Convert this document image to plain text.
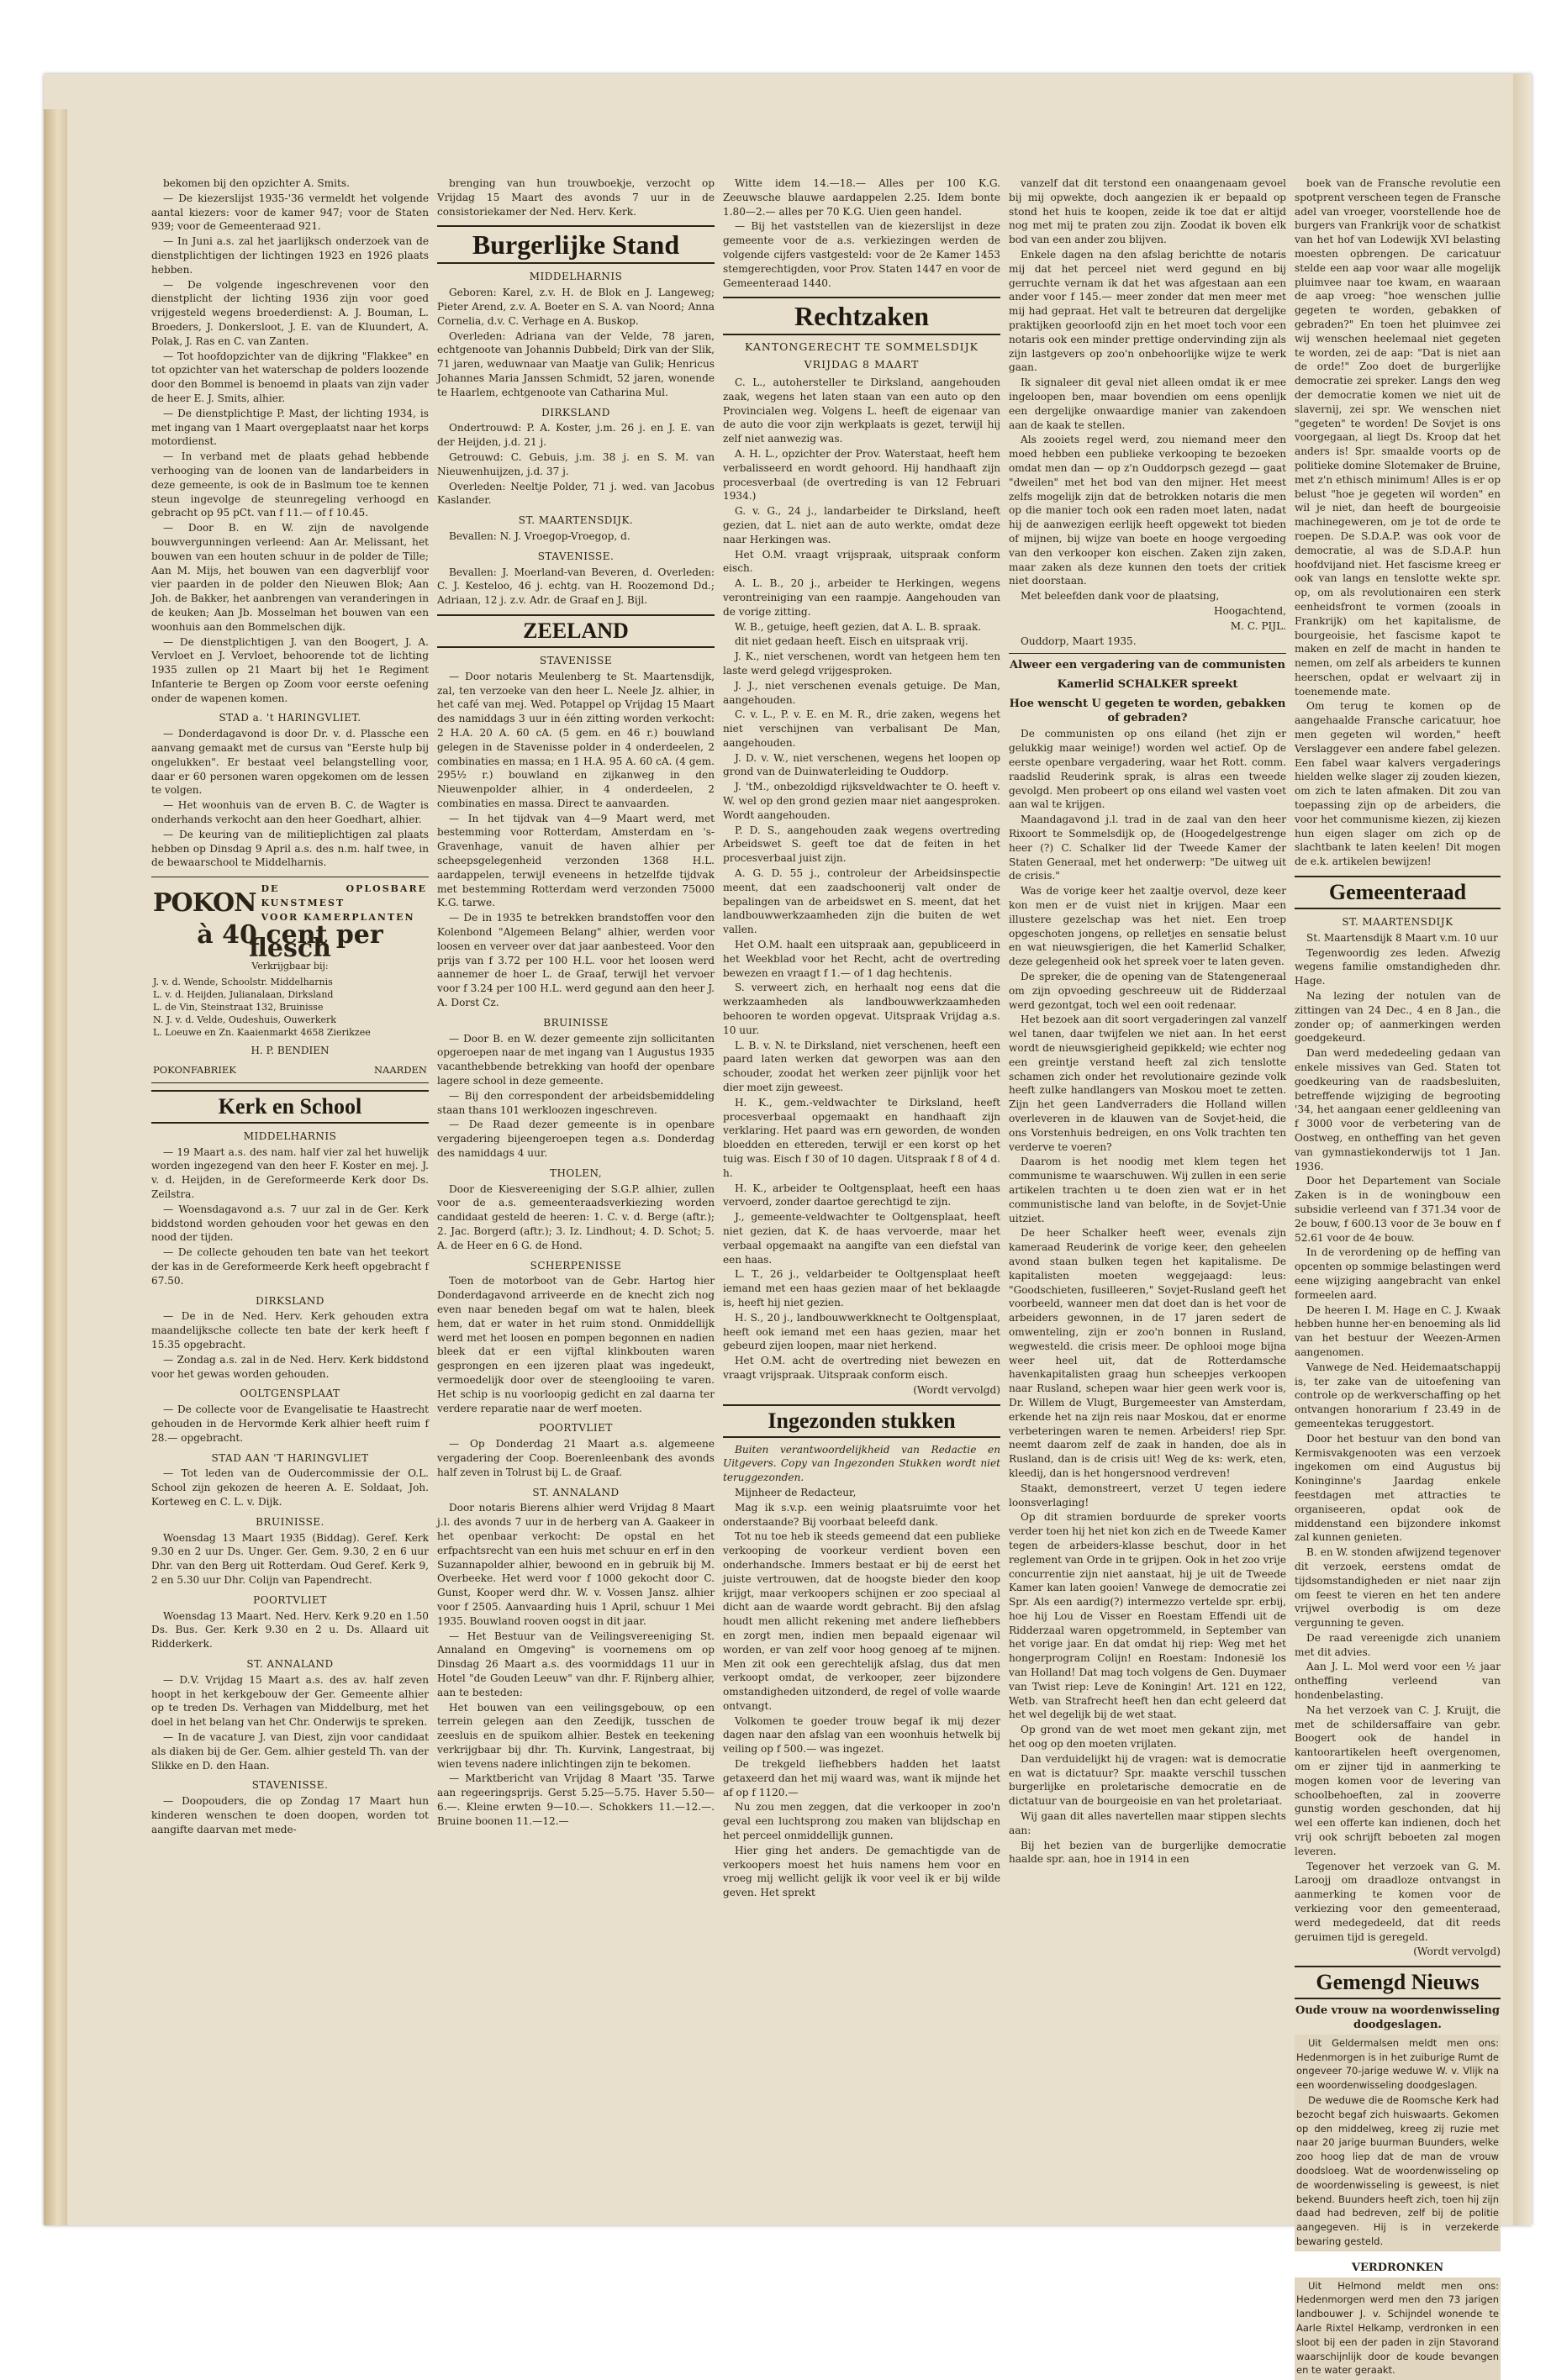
bekomen bij den opzichter A. Smits.

— De kiezerslijst 1935-'36 vermeldt het volgende aantal kiezers: voor de kamer 947; voor de Staten 939; voor de Gemeenteraad 921.

— In Juni a.s. zal het jaarlijksch onderzoek van de dienstplichtigen der lichtingen 1923 en 1926 plaats hebben.

— De volgende ingeschrevenen voor den dienstplicht der lichting 1936 zijn voor goed vrijgesteld wegens broederdienst: A. J. Bouman, L. Broeders, J. Donkersloot, J. E. van de Kluundert, A. Polak, J. Ras en C. van Zanten.

— Tot hoofdopzichter van de dijkring "Flakkee" en tot opzichter van het waterschap de polders loozende door den Bommel is benoemd in plaats van zijn vader de heer E. J. Smits, alhier.

— De dienstplichtige P. Mast, der lichting 1934, is met ingang van 1 Maart overgeplaatst naar het korps motordienst.

— In verband met de plaats gehad hebbende verhooging van de loonen van de landarbeiders in deze gemeente, is ook de in Baslmum toe te kennen steun ingevolge de steunregeling verhoogd en gebracht op 95 pCt. van f 11.— of f 10.45.

— Door B. en W. zijn de navolgende bouwvergunningen verleend: Aan Ar. Melissant, het bouwen van een houten schuur in de polder de Tille; Aan M. Mijs, het bouwen van een dagverblijf voor vier paarden in de polder den Nieuwen Blok; Aan Joh. de Bakker, het aanbrengen van veranderingen in de keuken; Aan Jb. Mosselman het bouwen van een woonhuis aan den Bommelschen dijk.

— De dienstplichtigen J. van den Boogert, J. A. Vervloet en J. Vervloet, behoorende tot de lichting 1935 zullen op 21 Maart bij het 1e Regiment Infanterie te Bergen op Zoom voor eerste oefening onder de wapenen komen.

STAD a. 't HARINGVLIET.

— Donderdagavond is door Dr. v. d. Plassche een aanvang gemaakt met de cursus van "Eerste hulp bij ongelukken". Er bestaat veel belangstelling voor, daar er 60 personen waren opgekomen om de lessen te volgen.

— Het woonhuis van de erven B. C. de Wagter is onderhands verkocht aan den heer Goedhart, alhier.

— De keuring van de militieplichtigen zal plaats hebben op Dinsdag 9 April a.s. des n.m. half twee, in de bewaarschool te Middelharnis.

POKON DE OPLOSBARE KUNSTMEST
VOOR KAMERPLANTEN
à 40 cent per flesch
Verkrijgbaar bij:
J. v. d. Wende, Schoolstr. Middelharnis
L. v. d. Heijden, Julianalaan, Dirksland
L. de Vin, Steinstraat 132, Bruinisse
N. J. v. d. Velde, Oudeshuis, Ouwerkerk
L. Loeuwe en Zn. Kaaienmarkt 4658 Zierikzee
H. P. BENDIEN
POKONFABRIEK	NAARDEN
Kerk en School

MIDDELHARNIS

— 19 Maart a.s. des nam. half vier zal het huwelijk worden ingezegend van den heer F. Koster en mej. J. v. d. Heijden, in de Gereformeerde Kerk door Ds. Zeilstra.

— Woensdagavond a.s. 7 uur zal in de Ger. Kerk biddstond worden gehouden voor het gewas en den nood der tijden.

— De collecte gehouden ten bate van het teekort der kas in de Gereformeerde Kerk heeft opgebracht f 67.50.

DIRKSLAND

— De in de Ned. Herv. Kerk gehouden extra maandelijksche collecte ten bate der kerk heeft f 15.35 opgebracht.

— Zondag a.s. zal in de Ned. Herv. Kerk biddstond voor het gewas worden gehouden.

OOLTGENSPLAAT

— De collecte voor de Evangelisatie te Haastrecht gehouden in de Hervormde Kerk alhier heeft ruim f 28.— opgebracht.

STAD AAN 'T HARINGVLIET

— Tot leden van de Oudercommissie der O.L. School zijn gekozen de heeren A. E. Soldaat, Joh. Korteweg en C. L. v. Dijk.

BRUINISSE.

Woensdag 13 Maart 1935 (Biddag). Geref. Kerk 9.30 en 2 uur Ds. Unger. Ger. Gem. 9.30, 2 en 6 uur Dhr. van den Berg uit Rotterdam. Oud Geref. Kerk 9, 2 en 5.30 uur Dhr. Colijn van Papendrecht.

POORTVLIET

Woensdag 13 Maart. Ned. Herv. Kerk 9.20 en 1.50 Ds. Bus. Ger. Kerk 9.30 en 2 u. Ds. Allaard uit Ridderkerk.

ST. ANNALAND

— D.V. Vrijdag 15 Maart a.s. des av. half zeven hoopt in het kerkgebouw der Ger. Gemeente alhier op te treden Ds. Verhagen van Middelburg, met het doel in het belang van het Chr. Onderwijs te spreken.

— In de vacature J. van Diest, zijn voor candidaat als diaken bij de Ger. Gem. alhier gesteld Th. van der Slikke en D. den Haan.

STAVENISSE.

— Doopouders, die op Zondag 17 Maart hun kinderen wenschen te doen doopen, worden tot aangifte daarvan met mede-

brenging van hun trouwboekje, verzocht op Vrijdag 15 Maart des avonds 7 uur in de consistoriekamer der Ned. Herv. Kerk.

Burgerlijke Stand

MIDDELHARNIS

Geboren: Karel, z.v. H. de Blok en J. Langeweg; Pieter Arend, z.v. A. Boeter en S. A. van Noord; Anna Cornelia, d.v. C. Verhage en A. Buskop.

Overleden: Adriana van der Velde, 78 jaren, echtgenoote van Johannis Dubbeld; Dirk van der Slik, 71 jaren, weduwnaar van Maatje van Gulik; Henricus Johannes Maria Janssen Schmidt, 52 jaren, wonende te Haarlem, echtgenoote van Catharina Mul.

DIRKSLAND

Ondertrouwd: P. A. Koster, j.m. 26 j. en J. E. van der Heijden, j.d. 21 j.

Getrouwd: C. Gebuis, j.m. 38 j. en S. M. van Nieuwenhuijzen, j.d. 37 j.

Overleden: Neeltje Polder, 71 j. wed. van Jacobus Kaslander.

ST. MAARTENSDIJK.

Bevallen: N. J. Vroegop-Vroegop, d.

STAVENISSE.

Bevallen: J. Moerland-van Beveren, d. Overleden: C. J. Kesteloo, 46 j. echtg. van H. Roozemond Dd.; Adriaan, 12 j. z.v. Adr. de Graaf en J. Bijl.

ZEELAND

STAVENISSE

— Door notaris Meulenberg te St. Maartensdijk, zal, ten verzoeke van den heer L. Neele Jz. alhier, in het café van mej. Wed. Potappel op Vrijdag 15 Maart des namiddags 3 uur in één zitting worden verkocht: 2 H.A. 20 A. 60 cA. (5 gem. en 46 r.) bouwland gelegen in de Stavenisse polder in 4 onderdeelen, 2 combinaties en massa; en 1 H.A. 95 A. 60 cA. (4 gem. 295½ r.) bouwland en zijkanweg in den Nieuwenpolder alhier, in 4 onderdeelen, 2 combinaties en massa. Direct te aanvaarden.

— In het tijdvak van 4—9 Maart werd, met bestemming voor Rotterdam, Amsterdam en 's-Gravenhage, vanuit de haven alhier per scheepsgelegenheid verzonden 1368 H.L. aardappelen, terwijl eveneens in hetzelfde tijdvak met bestemming Rotterdam werd verzonden 75000 K.G. tarwe.

— De in 1935 te betrekken brandstoffen voor den Kolenbond "Algemeen Belang" alhier, werden voor loosen en verveer over dat jaar aanbesteed. Voor den prijs van f 3.72 per 100 H.L. voor het loosen werd aannemer de hoer L. de Graaf, terwijl het vervoer voor f 3.24 per 100 H.L. werd gegund aan den heer J. A. Dorst Cz.

BRUINISSE

— Door B. en W. dezer gemeente zijn sollicitanten opgeroepen naar de met ingang van 1 Augustus 1935 vacanthebbende betrekking van hoofd der openbare lagere school in deze gemeente.

— Bij den correspondent der arbeidsbemiddeling staan thans 101 werkloozen ingeschreven.

— De Raad dezer gemeente is in openbare vergadering bijeengeroepen tegen a.s. Donderdag des namiddags 4 uur.

THOLEN,

Door de Kiesvereeniging der S.G.P. alhier, zullen voor de a.s. gemeenteraadsverkiezing worden candidaat gesteld de heeren: 1. C. v. d. Berge (aftr.); 2. Jac. Borgerd (aftr.); 3. Iz. Lindhout; 4. D. Schot; 5. A. de Heer en 6 G. de Hond.

SCHERPENISSE

Toen de motorboot van de Gebr. Hartog hier Donderdagavond arriveerde en de knecht zich nog even naar beneden begaf om wat te halen, bleek hem, dat er water in het ruim stond. Onmiddellijk werd met het loosen en pompen begonnen en nadien bleek dat er een vijftal klinkbouten waren gesprongen en een ijzeren plaat was ingedeukt, vermoedelijk door over de steenglooiing te varen. Het schip is nu voorloopig gedicht en zal daarna ter verdere reparatie naar de werf moeten.

POORTVLIET

— Op Donderdag 21 Maart a.s. algemeene vergadering der Coop. Boerenleenbank des avonds half zeven in Tolrust bij L. de Graaf.

ST. ANNALAND

Door notaris Bierens alhier werd Vrijdag 8 Maart j.l. des avonds 7 uur in de herberg van A. Gaakeer in het openbaar verkocht: De opstal en het erfpachtsrecht van een huis met schuur en erf in den Suzannapolder alhier, bewoond en in gebruik bij M. Overbeeke. Het werd voor f 1000 gekocht door C. Gunst, Kooper werd dhr. W. v. Vossen Jansz. alhier voor f 2505. Aanvaarding huis 1 April, schuur 1 Mei 1935. Bouwland rooven oogst in dit jaar.

— Het Bestuur van de Veilingsvereeniging St. Annaland en Omgeving" is voornemens om op Dinsdag 26 Maart a.s. des voormiddags 11 uur in Hotel "de Gouden Leeuw" van dhr. F. Rijnberg alhier, aan te besteden:

Het bouwen van een veilingsgebouw, op een terrein gelegen aan den Zeedijk, tusschen de zeesluis en de spuikom alhier. Bestek en teekening verkrijgbaar bij dhr. Th. Kurvink, Langestraat, bij wien tevens nadere inlichtingen zijn te bekomen.

— Marktbericht van Vrijdag 8 Maart '35. Tarwe aan regeeringsprijs. Gerst 5.25—5.75. Haver 5.50—6.—. Kleine erwten 9—10.—. Schokkers 11.—12.—. Bruine boonen 11.—12.—

Witte idem 14.—18.— Alles per 100 K.G. Zeeuwsche blauwe aardappelen 2.25. Idem bonte 1.80—2.— alles per 70 K.G. Uien geen handel.

— Bij het vaststellen van de kiezerslijst in deze gemeente voor de a.s. verkiezingen werden de volgende cijfers vastgesteld: voor de 2e Kamer 1453 stemgerechtigden, voor Prov. Staten 1447 en voor de Gemeenteraad 1440.

Rechtzaken
KANTONGERECHT TE SOMMELSDIJK
VRIJDAG 8 MAART

C. L., autohersteller te Dirksland, aangehouden zaak, wegens het laten staan van een auto op den Provincialen weg. Volgens L. heeft de eigenaar van de auto die voor zijn werkplaats is gezet, terwijl hij zelf niet aanwezig was.

A. H. L., opzichter der Prov. Waterstaat, heeft hem verbalisseerd en wordt gehoord. Hij handhaaft zijn procesverbaal (de overtreding is van 12 Februari 1934.)

G. v. G., 24 j., landarbeider te Dirksland, heeft gezien, dat L. niet aan de auto werkte, omdat deze naar Herkingen was.

Het O.M. vraagt vrijspraak, uitspraak conform eisch.

A. L. B., 20 j., arbeider te Herkingen, wegens verontreiniging van een raampje. Aangehouden van de vorige zitting.

W. B., getuige, heeft gezien, dat A. L. B. spraak.

dit niet gedaan heeft. Eisch en uitspraak vrij.

J. K., niet verschenen, wordt van hetgeen hem ten laste werd gelegd vrijgesproken.

J. J., niet verschenen evenals getuige. De Man, aangehouden.

C. v. L., P. v. E. en M. R., drie zaken, wegens het niet verschijnen van verbalisant De Man, aangehouden.

J. D. v. W., niet verschenen, wegens het loopen op grond van de Duinwaterleiding te Ouddorp.

J. 'tM., onbezoldigd rijksveldwachter te O. heeft v. W. wel op den grond gezien maar niet aangesproken. Wordt aangehouden.

P. D. S., aangehouden zaak wegens overtreding Arbeidswet S. geeft toe dat de feiten in het procesverbaal juist zijn.

A. G. D. 55 j., controleur der Arbeidsinspectie meent, dat een zaadschoonerij valt onder de bepalingen van de arbeidswet en S. meent, dat het landbouwwerkzaamheden zijn die buiten de wet vallen.

Het O.M. haalt een uitspraak aan, gepubliceerd in het Weekblad voor het Recht, acht de overtreding bewezen en vraagt f 1.— of 1 dag hechtenis.

S. verweert zich, en herhaalt nog eens dat die werkzaamheden als landbouwwerkzaamheden behooren te worden opgevat. Uitspraak Vrijdag a.s. 10 uur.

L. B. v. N. te Dirksland, niet verschenen, heeft een paard laten werken dat geworpen was aan den schouder, zoodat het werken zeer pijnlijk voor het dier moet zijn geweest.

H. K., gem.-veldwachter te Dirksland, heeft procesverbaal opgemaakt en handhaaft zijn verklaring. Het paard was ern geworden, de wonden bloedden en ettereden, terwijl er een korst op het tuig was. Eisch f 30 of 10 dagen. Uitspraak f 8 of 4 d. h.

H. K., arbeider te Ooltgensplaat, heeft een haas vervoerd, zonder daartoe gerechtigd te zijn.

J., gemeente-veldwachter te Ooltgensplaat, heeft niet gezien, dat K. de haas vervoerde, maar het verbaal opgemaakt na aangifte van een diefstal van een haas.

L. T., 26 j., veldarbeider te Ooltgensplaat heeft iemand met een haas gezien maar of het beklaagde is, heeft hij niet gezien.

H. S., 20 j., landbouwwerkknecht te Ooltgensplaat, heeft ook iemand met een haas gezien, maar het gebeurd zijen loopen, maar niet herkend.

Het O.M. acht de overtreding niet bewezen en vraagt vrijspraak. Uitspraak conform eisch.

(Wordt vervolgd)

Ingezonden stukken

Buiten verantwoordelijkheid van Redactie en Uitgevers. Copy van Ingezonden Stukken wordt niet teruggezonden.

Mijnheer de Redacteur,

Mag ik s.v.p. een weinig plaatsruimte voor het onderstaande? Bij voorbaat beleefd dank.

Tot nu toe heb ik steeds gemeend dat een publieke verkooping de voorkeur verdient boven een onderhandsche. Immers bestaat er bij de eerst het juiste vertrouwen, dat de hoogste bieder den koop krijgt, maar verkoopers schijnen er zoo speciaal al dicht aan de waarde wordt gebracht. Bij den afslag houdt men allicht rekening met andere liefhebbers en zorgt men, indien men bepaald eigenaar wil worden, er van zelf voor hoog genoeg af te mijnen. Men zit ook een gerechtelijk afslag, dus dat men verkoopt omdat, de verkooper, zeer bijzondere omstandigheden uitzonderd, de regel of volle waarde ontvangt.

Volkomen te goeder trouw begaf ik mij dezer dagen naar den afslag van een woonhuis hetwelk bij veiling op f 500.— was ingezet.

De trekgeld liefhebbers hadden het laatst getaxeerd dan het mij waard was, want ik mijnde het af op f 1120.—

Nu zou men zeggen, dat die verkooper in zoo'n geval een luchtsprong zou maken van blijdschap en het perceel onmiddellijk gunnen.

Hier ging het anders. De gemachtigde van de verkoopers moest het huis namens hem voor en vroeg mij wellicht gelijk ik voor veel ik er bij wilde geven. Het sprekt

vanzelf dat dit terstond een onaangenaam gevoel bij mij opwekte, doch aangezien ik er bepaald op stond het huis te koopen, zeide ik toe dat er altijd nog met mij te praten zou zijn. Zoodat ik boven elk bod van een ander zou blijven.

Enkele dagen na den afslag berichtte de notaris mij dat het perceel niet werd gegund en bij gerruchte vernam ik dat het was afgestaan aan een ander voor f 145.— meer zonder dat men meer met mij had gepraat. Het valt te betreuren dat dergelijke praktijken geoorloofd zijn en het moet toch voor een notaris ook een minder prettige ondervinding zijn als zijn lastgevers op zoo'n onbehoorlijke wijze te werk gaan.

Ik signaleer dit geval niet alleen omdat ik er mee ingeloopen ben, maar bovendien om eens openlijk een dergelijke onwaardige manier van zakendoen aan de kaak te stellen.

Als zooiets regel werd, zou niemand meer den moed hebben een publieke verkooping te bezoeken omdat men dan — op z'n Ouddorpsch gezegd — gaat "dweilen" met het bod van den mijner. Het meest zelfs mogelijk zijn dat de betrokken notaris die men op die manier toch ook een raden moet laten, nadat hij de aanwezigen eerlijk heeft opgewekt tot bieden of mijnen, bij wijze van boete en hooge vergoeding van den verkooper kon eischen. Zaken zijn zaken, maar zaken als deze kunnen den toets der critiek niet doorstaan.

Met beleefden dank voor de plaatsing,

Hoogachtend,

M. C. PIJL.

Ouddorp, Maart 1935.

Alweer een vergadering van de communisten
Kamerlid SCHALKER spreekt
Hoe wenscht U gegeten te worden, gebakken of gebraden?

De communisten op ons eiland (het zijn er gelukkig maar weinige!) worden wel actief. Op de eerste openbare vergadering, waar het Rott. comm. raadslid Reuderink sprak, is alras een tweede gevolgd. Men probeert op ons eiland wel vasten voet aan wal te krijgen.

Maandagavond j.l. trad in de zaal van den heer Rixoort te Sommelsdijk op, de (Hoogedelgestrenge heer (?) C. Schalker lid der Tweede Kamer der Staten Generaal, met het onderwerp: "De uitweg uit de crisis."

Was de vorige keer het zaaltje overvol, deze keer kon men er de vuist niet in krijgen. Maar een illustere gezelschap was het niet. Een troep opgeschoten jongens, op relletjes en sensatie belust en wat nieuwsgierigen, die het Kamerlid Schalker, deze gelegenheid ook het spreek voer te laten geven.

De spreker, die de opening van de Statengeneraal om zijn opvoeding geschreeuw uit de Ridderzaal werd gezontgat, toch wel een ooit redenaar.

Het bezoek aan dit soort vergaderingen zal vanzelf wel tanen, daar twijfelen we niet aan. In het eerst wordt de nieuwsgierigheid gepikkeld; wie echter nog een greintje verstand heeft zal zich tenslotte schamen zich onder het revolutionaire gezinde volk heeft zulke handlangers van Moskou moet te zetten. Zijn het geen Landverraders die Holland willen overleveren in de klauwen van de Sovjet-heid, die ons Vorstenhuis bedreigen, en ons Volk trachten ten verderve te voeren?

Daarom is het noodig met klem tegen het communisme te waarschuwen. Wij zullen in een serie artikelen trachten u te doen zien wat er in het communistische land van belofte, in de Sovjet-Unie uitziet.

De heer Schalker heeft weer, evenals zijn kameraad Reuderink de vorige keer, den geheelen avond staan bulken tegen het kapitalisme. De kapitalisten moeten weggejaagd: leus: "Goodschieten, fusilleeren," Sovjet-Rusland geeft het voorbeeld, wanneer men dat doet dan is het voor de arbeiders gewonnen, in de 17 jaren sedert de omwenteling, zijn er zoo'n bonnen in Rusland, wegwesteld. die crisis meer. De ophlooi moge bijna weer heel uit, dat de Rotterdamsche havenkapitalisten graag hun scheepjes verkoopen naar Rusland, schepen waar hier geen werk voor is, Dr. Willem de Vlugt, Burgemeester van Amsterdam, erkende het na zijn reis naar Moskou, dat er enorme verbeteringen waren te nemen. Arbeiders! riep Spr. neemt daarom zelf de zaak in handen, doe als in Rusland, dan is de crisis uit! Weg de ks: werk, eten, kleedij, dan is het hongersnood verdreven!

Staakt, demonstreert, verzet U tegen iedere loonsverlaging!

Op dit stramien borduurde de spreker voorts verder toen hij het niet kon zich en de Tweede Kamer tegen de arbeiders-klasse beschut, door in het reglement van Orde in te grijpen. Ook in het zoo vrije concurrentie zijn niet aanstaat, hij je uit de Tweede Kamer kan laten gooien! Vanwege de democratie zei Spr. Als een aardig(?) intermezzo vertelde spr. erbij, hoe hij Lou de Visser en Roestam Effendi uit de Ridderzaal waren opgetrommeld, in September van het vorige jaar. En dat omdat hij riep: Weg met het hongerprogram Colijn! en Roestam: Indonesië los van Holland! Dat mag toch volgens de Gen. Duymaer van Twist riep: Leve de Koningin! Art. 121 en 122, Wetb. van Strafrecht heeft hen dan echt geleerd dat het wel degelijk bij de wet staat.

Op grond van de wet moet men gekant zijn, met het oog op den moeten vrijlaten.

Dan verduidelijkt hij de vragen: wat is democratie en wat is dictatuur? Spr. maakte verschil tusschen burgerlijke en proletarische democratie en de dictatuur van de bourgeoisie en van het proletariaat.

Wij gaan dit alles navertellen maar stippen slechts aan:

Bij het bezien van de burgerlijke democratie haalde spr. aan, hoe in 1914 in een

boek van de Fransche revolutie een spotprent verscheen tegen de Fransche adel van vroeger, voorstellende hoe de burgers van Frankrijk voor de schatkist van het hof van Lodewijk XVI belasting moesten opbrengen. De caricatuur stelde een aap voor waar alle mogelijk pluimvee naar toe kwam, en waaraan de aap vroeg: "hoe wenschen jullie gegeten te worden, gebakken of gebraden?" En toen het pluimvee zei wij wenschen heelemaal niet gegeten te worden, zei de aap: "Dat is niet aan de orde!" Zoo doet de burgerlijke democratie zei spreker. Langs den weg der democratie komen we niet uit de slavernij, zei spr. We wenschen niet "gegeten" te worden! De Sovjet is ons voorgegaan, al liegt Ds. Kroop dat het anders is! Spr. smaalde voorts op de politieke domine Slotemaker de Bruine, met z'n ethisch minimum! Alles is er op belust "hoe je gegeten wil worden" en wil je niet, dan heeft de bourgeoisie machinegeweren, om je tot de orde te roepen. De S.D.A.P. was ook voor de democratie, al was de S.D.A.P. hun hoofdvijand niet. Het fascisme kreeg er ook van langs en tenslotte wekte spr. op, om als revolutionairen een sterk eenheidsfront te vormen (zooals in Frankrijk) om het kapitalisme, de bourgeoisie, het fascisme kapot te maken en zelf de macht in handen te nemen, om zelf als arbeiders te kunnen heerschen, opdat er welvaart zij in toenemende mate.

Om terug te komen op de aangehaalde Fransche caricatuur, hoe men gegeten wil worden," heeft Verslaggever een andere fabel gelezen. Een fabel waar kalvers vergaderings hielden welke slager zij zouden kiezen, om zich te laten afmaken. Dit zou van toepassing zijn op de arbeiders, die voor het communisme kiezen, zij kiezen hun eigen slager om zich op de slachtbank te laten keelen! Dit mogen de e.k. artikelen bewijzen!

Gemeenteraad

ST. MAARTENSDIJK

St. Maartensdijk 8 Maart v.m. 10 uur

Tegenwoordig zes leden. Afwezig wegens familie omstandigheden dhr. Hage.

Na lezing der notulen van de zittingen van 24 Dec., 4 en 8 Jan., die zonder op; of aanmerkingen werden goedgekeurd.

Dan werd mededeeling gedaan van enkele missives van Ged. Staten tot goedkeuring van de raadsbesluiten, betreffende wijziging de begrooting '34, het aangaan eener geldleening van f 3000 voor de verbetering van de Oostweg, en ontheffing van het geven van gymnastiekonderwijs tot 1 Jan. 1936.

Door het Departement van Sociale Zaken is in de woningbouw een subsidie verleend van f 371.34 voor de 2e bouw, f 600.13 voor de 3e bouw en f 52.61 voor de 4e bouw.

In de verordening op de heffing van opcenten op sommige belastingen werd eene wijziging aangebracht van enkel formeelen aard.

De heeren I. M. Hage en C. J. Kwaak hebben hunne her-en benoeming als lid van het bestuur der Weezen-Armen aangenomen.

Vanwege de Ned. Heidemaatschappij is, ter zake van de uitoefening van controle op de werkverschaffing op het ontvangen honorarium f 23.49 in de gemeentekas teruggestort.

Door het bestuur van den bond van Kermisvakgenooten was een verzoek ingekomen om eind Augustus bij Koninginne's Jaardag enkele feestdagen met attracties te organiseeren, opdat ook de middenstand een bijzondere inkomst zal kunnen genieten.

B. en W. stonden afwijzend tegenover dit verzoek, eerstens omdat de tijdsomstandigheden er niet naar zijn om feest te vieren en het ten andere vrijwel overbodig is om deze vergunning te geven.

De raad vereenigde zich unaniem met dit advies.

Aan J. L. Mol werd voor een ½ jaar ontheffing verleend van hondenbelasting.

Na het verzoek van C. J. Kruijt, die met de schildersaffaire van gebr. Boogert ook de handel in kantoorartikelen heeft overgenomen, om er zijner tijd in aanmerking te mogen komen voor de levering van schoolbehoeften, zal in zooverre gunstig worden geschonden, dat hij wel een offerte kan indienen, doch het vrij ook schrijft beboeten zal mogen leveren.

Tegenover het verzoek van G. M. Laroojj om draadloze ontvangst in aanmerking te komen voor de verkiezing voor den gemeenteraad, werd medegedeeld, dat dit reeds geruimen tijd is geregeld.

(Wordt vervolgd)

Gemengd Nieuws
Oude vrouw na woordenwisseling doodgeslagen.

Uit Geldermalsen meldt men ons: Hedenmorgen is in het zuiburige Rumt de ongeveer 70-jarige weduwe W. v. Vlijk na een woordenwisseling doodgeslagen.

De weduwe die de Roomsche Kerk had bezocht begaf zich huiswaarts. Gekomen op den middelweg, kreeg zij ruzie met naar 20 jarige buurman Buunders, welke zoo hoog liep dat de man de vrouw doodsloeg. Wat de woordenwisseling op de woordenwisseling is geweest, is niet bekend. Buunders heeft zich, toen hij zijn daad had bedreven, zelf bij de politie aangegeven. Hij is in verzekerde bewaring gesteld.

VERDRONKEN

Uit Helmond meldt men ons: Hedenmorgen werd men den 73 jarigen landbouwer J. v. Schijndel wonende te Aarle Rixtel Helkamp, verdronken in een sloot bij een der paden in zijn Stavorand waarschijnlijk door de koude bevangen en te water geraakt.
